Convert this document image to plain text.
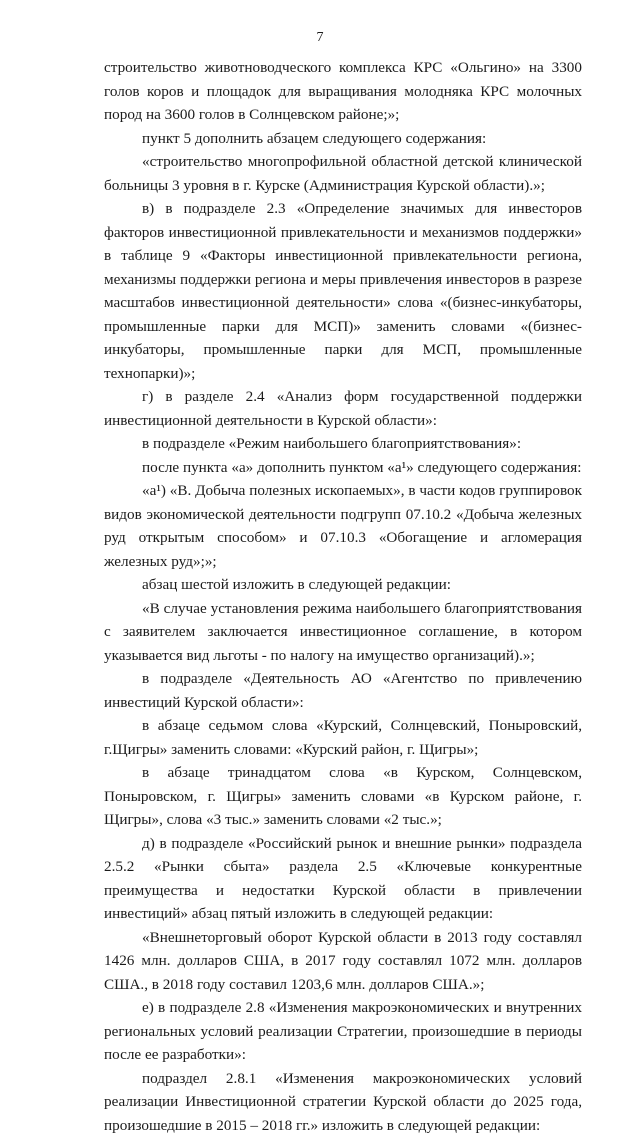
7

строительство животноводческого комплекса КРС «Ольгино» на 3300 голов коров и площадок для выращивания молодняка КРС молочных пород на 3600 голов в Солнцевском районе;»;

пункт 5 дополнить абзацем следующего содержания:

«строительство многопрофильной областной детской клинической больницы 3 уровня в г. Курске (Администрация Курской области).»;

в) в подразделе 2.3 «Определение значимых для инвесторов факторов инвестиционной привлекательности и механизмов поддержки» в таблице 9 «Факторы инвестиционной привлекательности региона, механизмы поддержки региона и меры привлечения инвесторов в разрезе масштабов инвестиционной деятельности» слова «(бизнес-инкубаторы, промышленные парки для МСП)» заменить словами «(бизнес-инкубаторы, промышленные парки для МСП, промышленные технопарки)»;

г) в разделе 2.4 «Анализ форм государственной поддержки инвестиционной деятельности в Курской области»:

в подразделе «Режим наибольшего благоприятствования»:

после пункта «а» дополнить пунктом «а¹» следующего содержания:

«а¹) «В. Добыча полезных ископаемых», в части кодов группировок видов экономической деятельности подгрупп 07.10.2 «Добыча железных руд открытым способом» и 07.10.3 «Обогащение и агломерация железных руд»;»;

абзац шестой изложить в следующей редакции:

«В случае установления режима наибольшего благоприятствования с заявителем заключается инвестиционное соглашение, в котором указывается вид льготы - по налогу на имущество организаций).»;

в подразделе «Деятельность АО «Агентство по привлечению инвестиций Курской области»:

в абзаце седьмом слова «Курский, Солнцевский, Поныровский, г.Щигры» заменить словами: «Курский район, г. Щигры»;

в абзаце тринадцатом слова «в Курском, Солнцевском, Поныровском, г. Щигры» заменить словами «в Курском районе, г. Щигры», слова «3 тыс.» заменить словами «2 тыс.»;

д) в подразделе «Российский рынок и внешние рынки» подраздела 2.5.2 «Рынки сбыта» раздела 2.5 «Ключевые конкурентные преимущества и недостатки Курской области в привлечении инвестиций» абзац пятый изложить в следующей редакции:

«Внешнеторговый оборот Курской области в 2013 году составлял 1426 млн. долларов США, в 2017 году составлял 1072 млн. долларов США., в 2018 году составил 1203,6 млн. долларов США.»;

е) в подразделе 2.8 «Изменения макроэкономических и внутренних региональных условий реализации Стратегии, произошедшие в периоды после ее разработки»:

подраздел 2.8.1 «Изменения макроэкономических условий реализации Инвестиционной стратегии Курской области до 2025 года, произошедшие в 2015 – 2018 гг.» изложить в следующей редакции:
